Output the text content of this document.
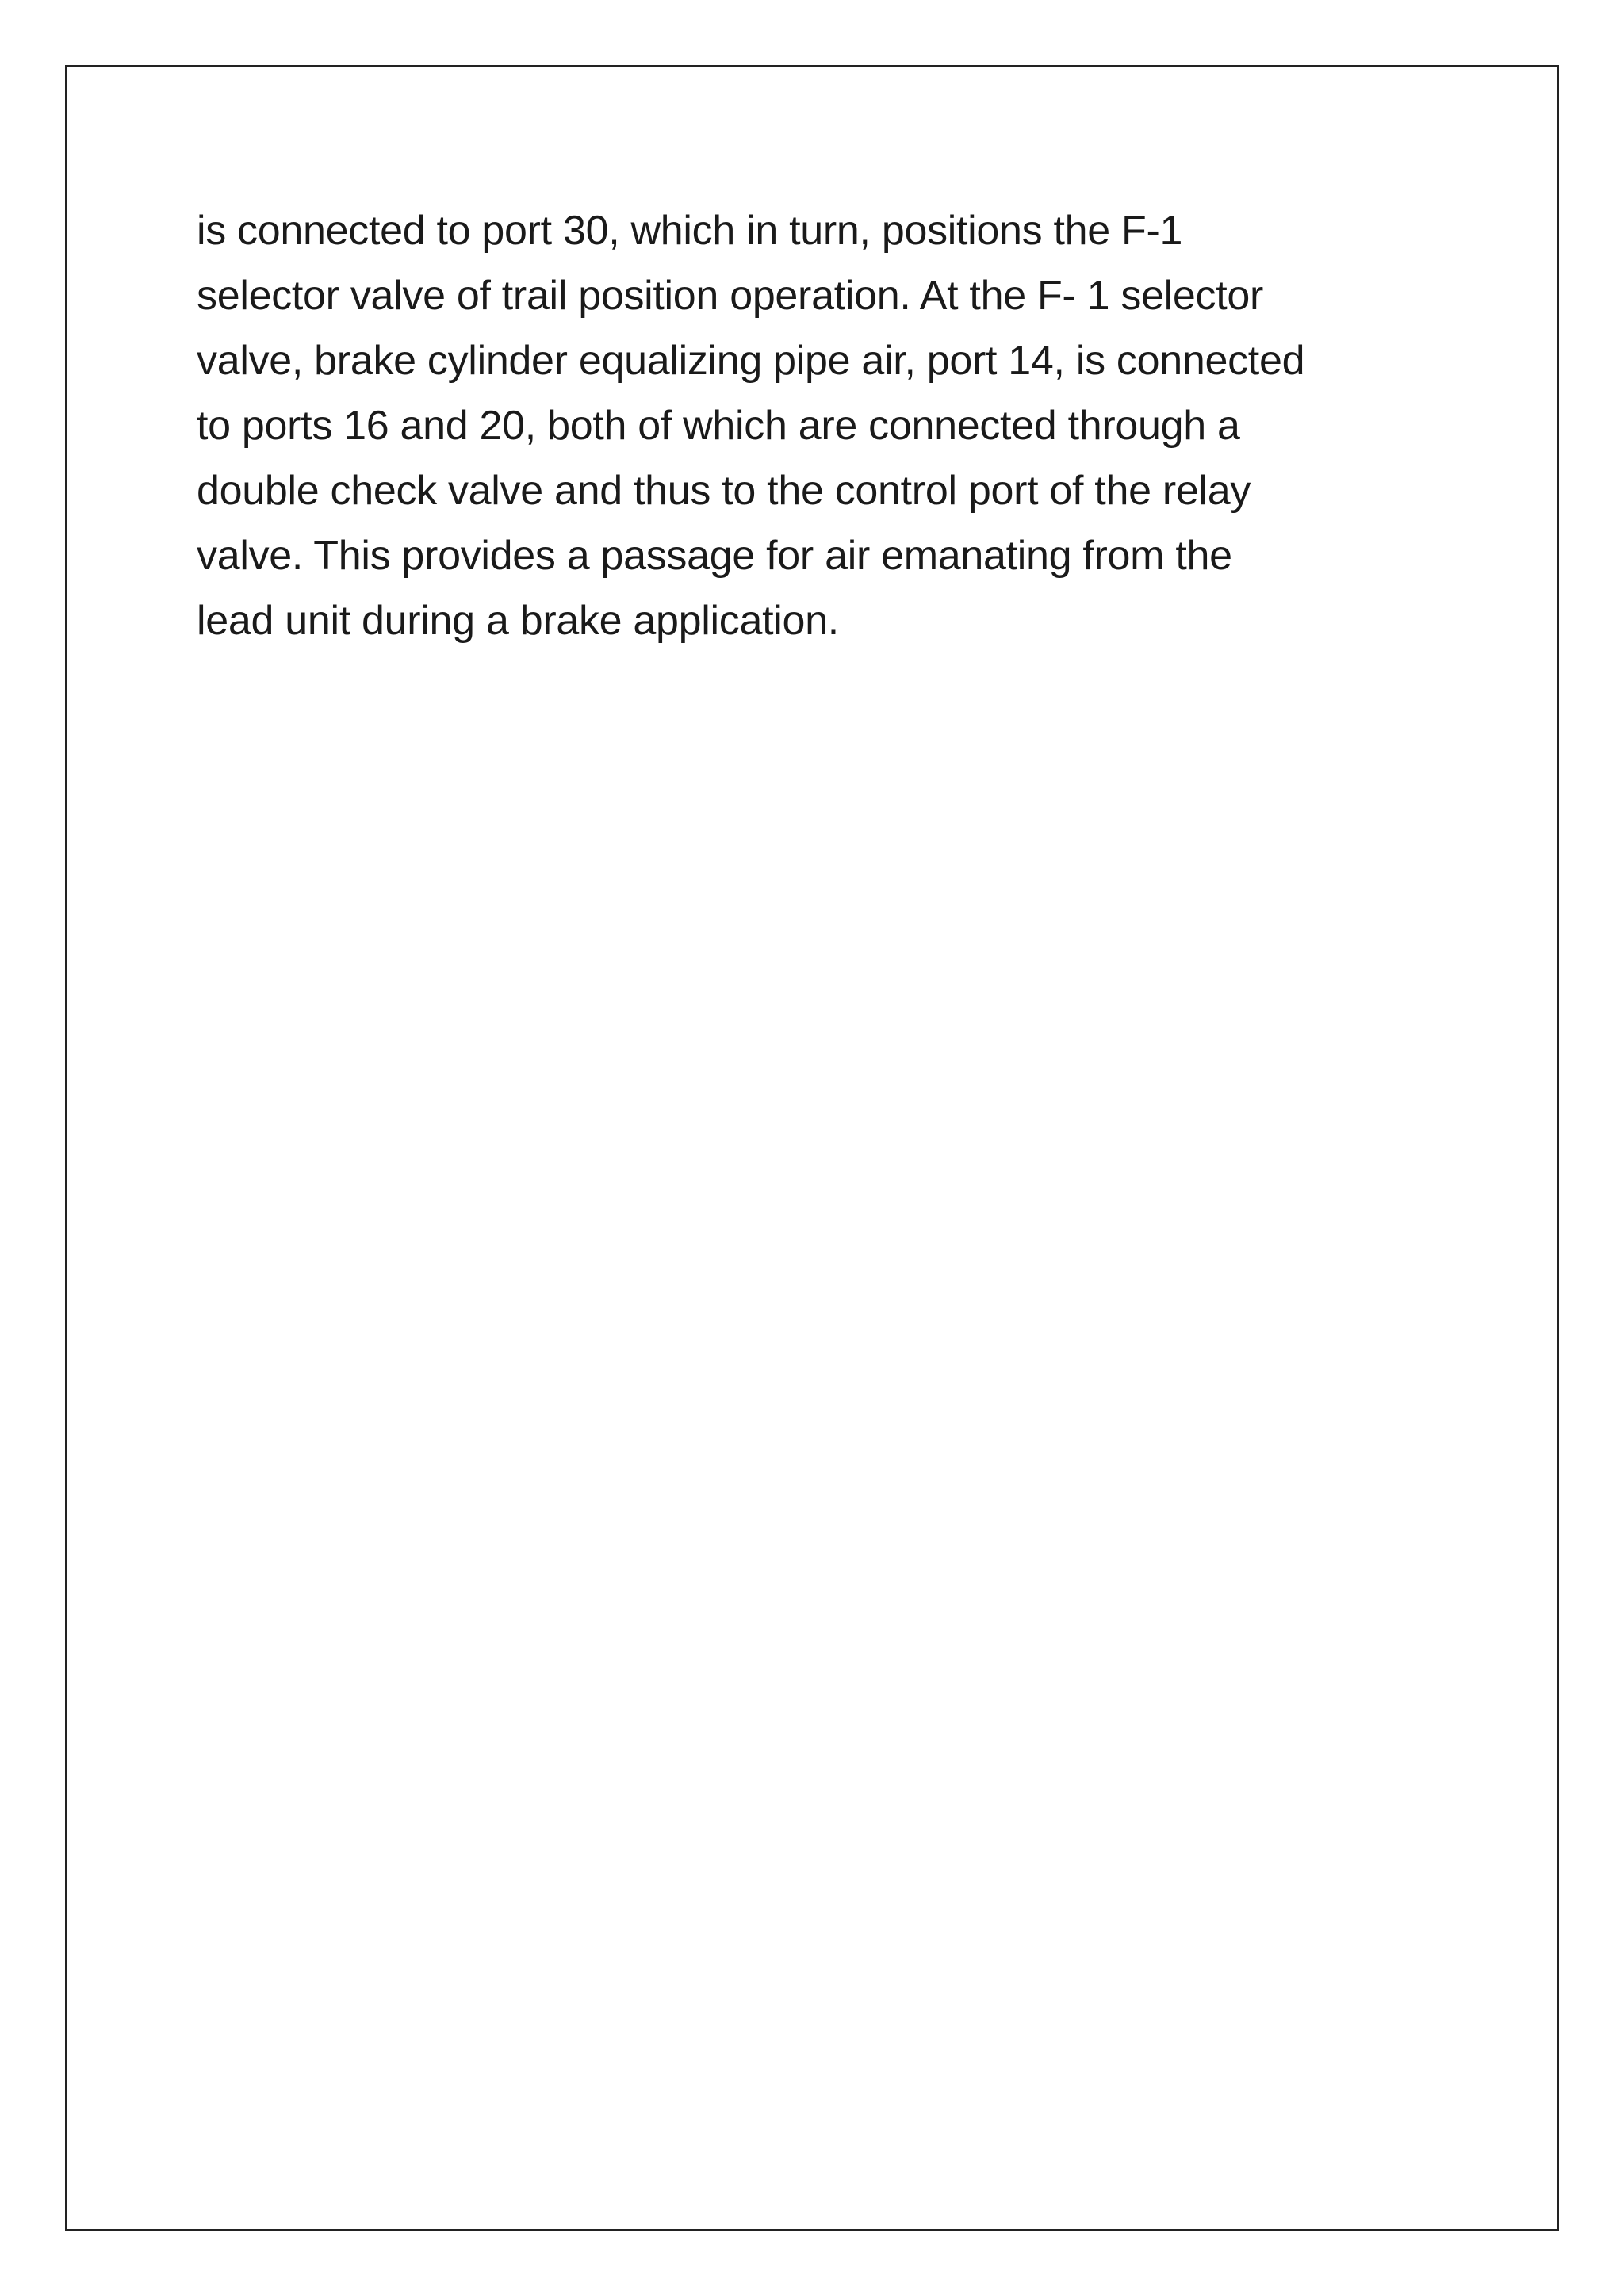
is connected to port 30, which in turn, positions the F-1
selector valve of trail position operation. At the F- 1 selector
valve, brake cylinder equalizing pipe air, port 14, is connected
to ports 16 and 20, both of which are connected through a
double check valve and thus to the control port of the relay
valve. This provides a passage for air emanating from the
lead unit during a brake application.
